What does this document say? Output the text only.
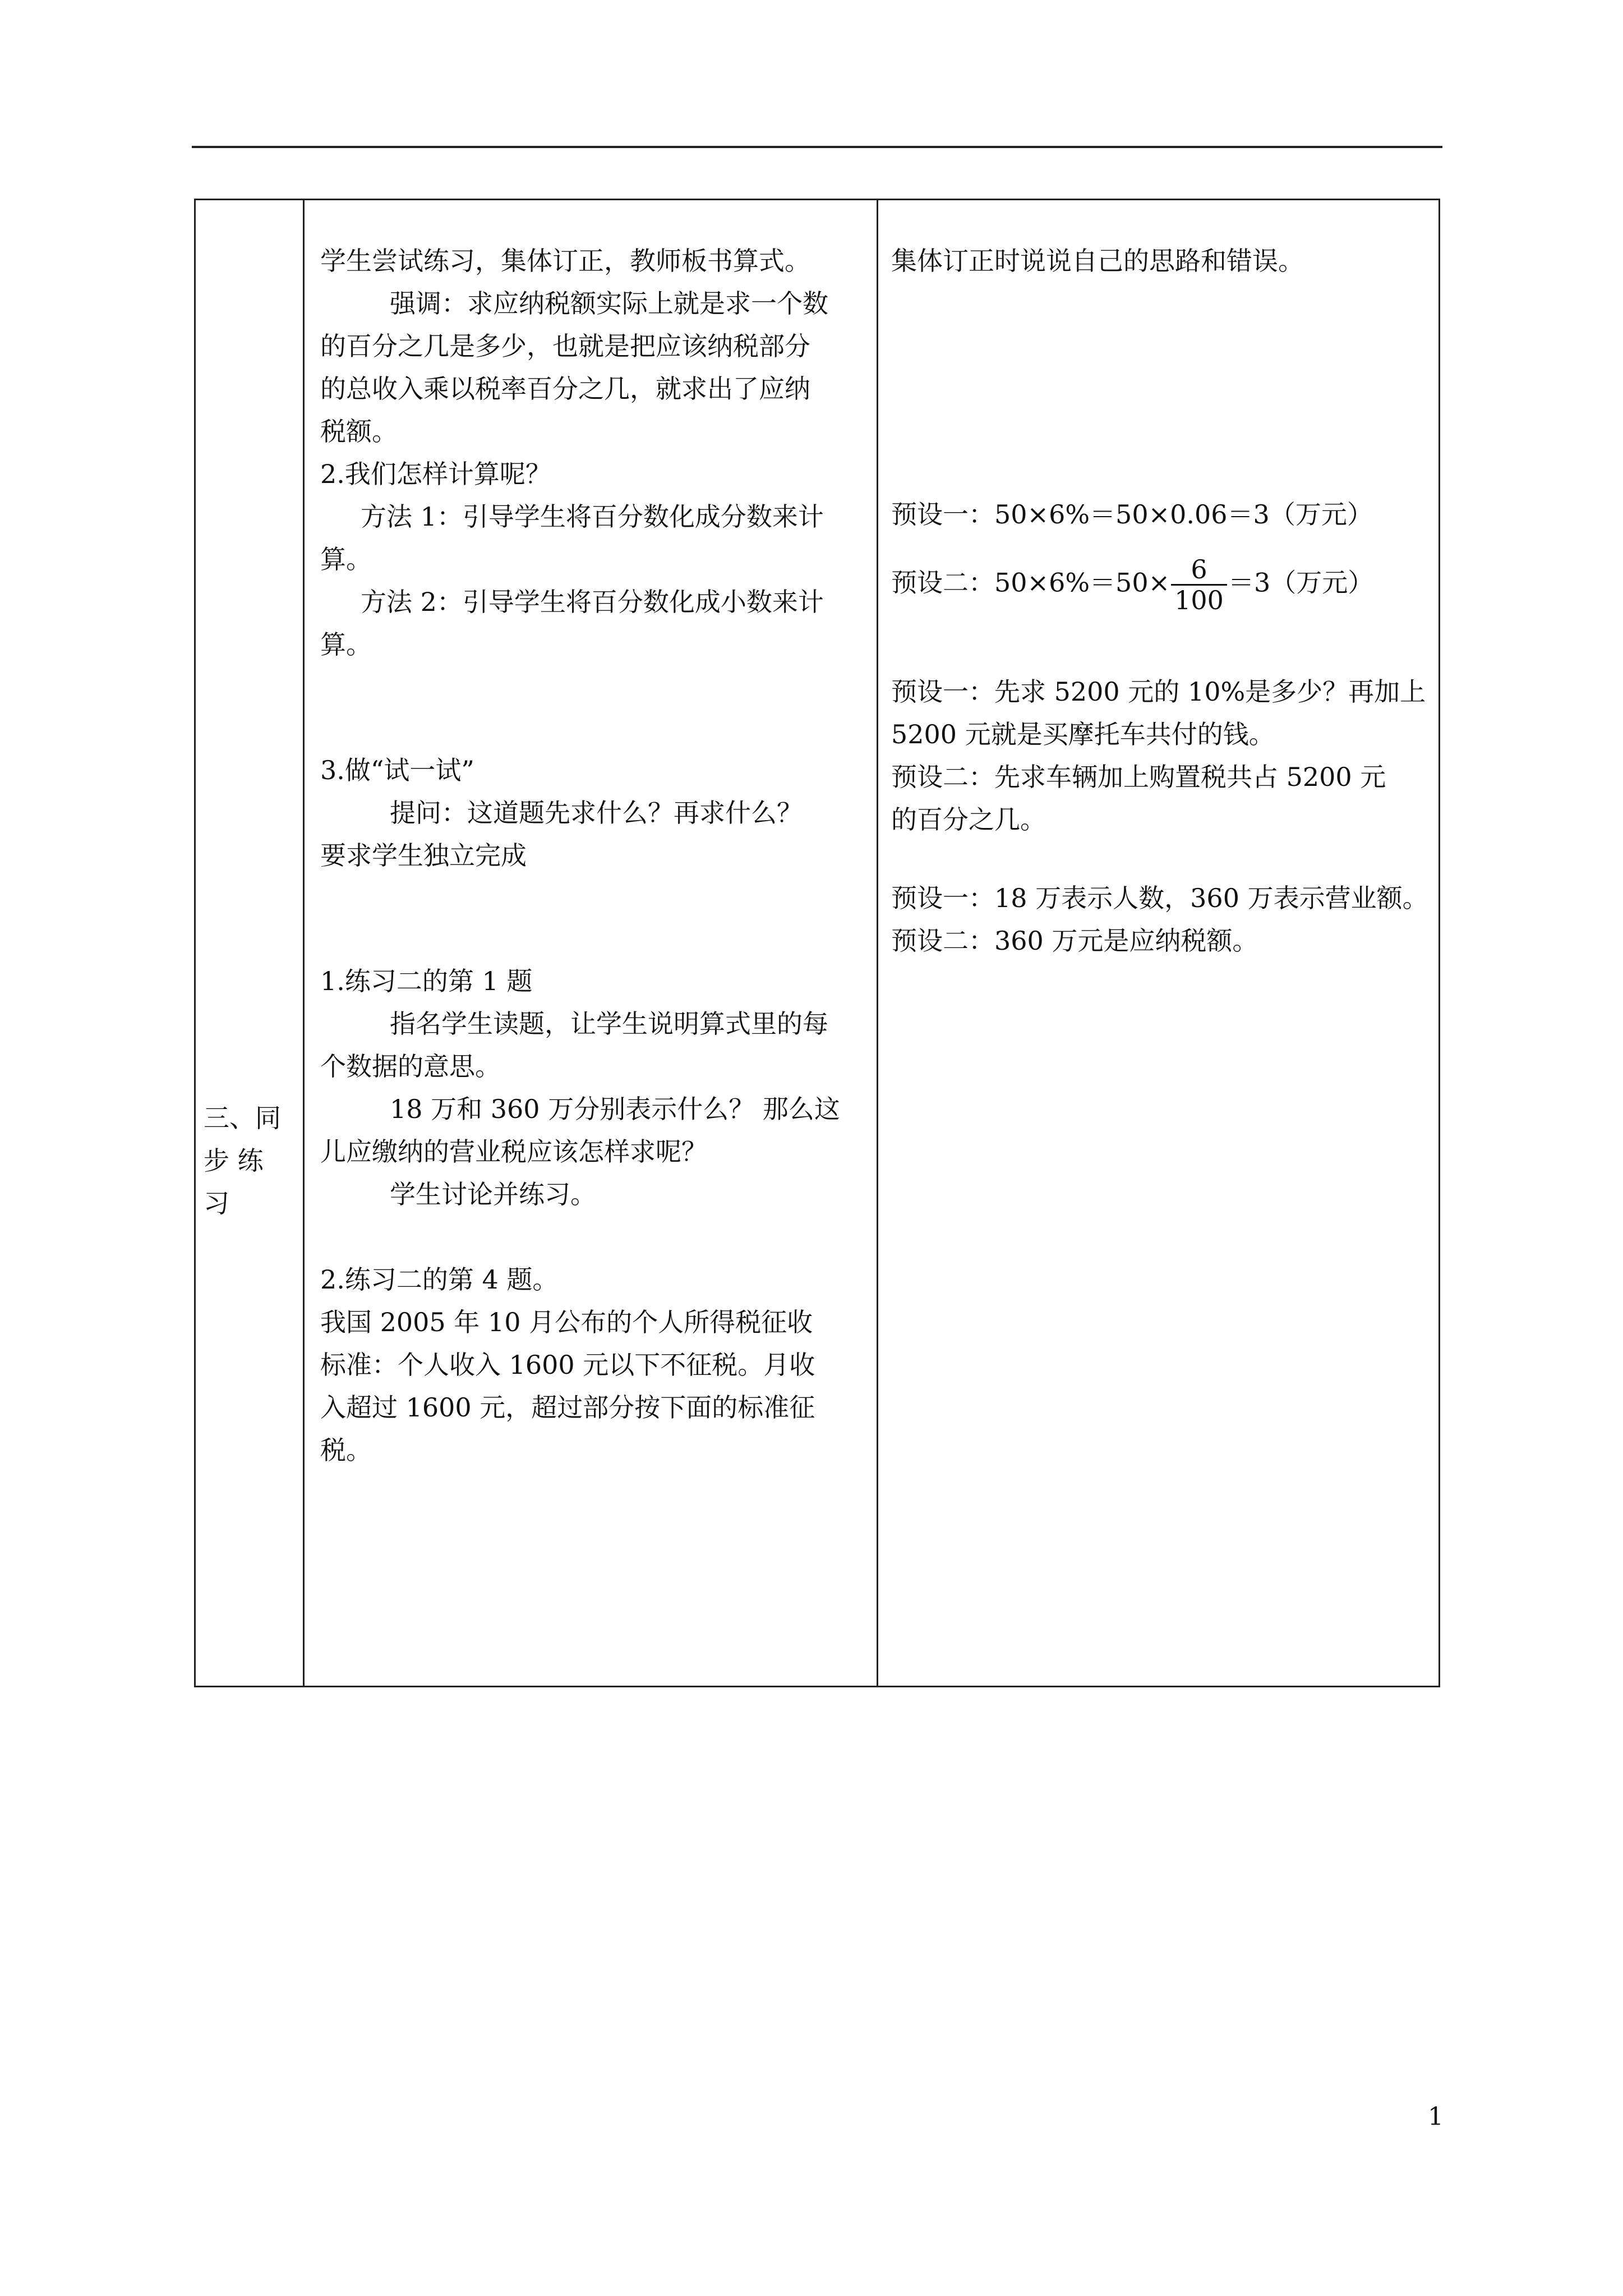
三、同
步 练
习
学生尝试练习，集体订正，教师板书算式。
强调：求应纳税额实际上就是求一个数
的百分之几是多少，也就是把应该纳税部分
的总收入乘以税率百分之几，就求出了应纳
税额。
2.我们怎样计算呢？
方法 1：引导学生将百分数化成分数来计
算。
方法 2：引导学生将百分数化成小数来计
算。
3.做“试一试”
提问：这道题先求什么？再求什么？
要求学生独立完成
1.练习二的第 1 题
指名学生读题，让学生说明算式里的每
个数据的意思。
18 万和 360 万分别表示什么？ 那么这
儿应缴纳的营业税应该怎样求呢？
学生讨论并练习。
2.练习二的第 4 题。
我国 2005 年 10 月公布的个人所得税征收
标准：个人收入 1600 元以下不征税。月收
入超过 1600 元，超过部分按下面的标准征
税。
集体订正时说说自己的思路和错误。
预设一：50×6%＝50×0.06＝3（万元）
预设二：$50\times 6\%=50\times \frac{6}{100} =3$（万元）
预设一：先求 5200 元的 10%是多少？再加上
5200 元就是买摩托车共付的钱。
预设二：先求车辆加上购置税共占 5200 元
的百分之几。
预设一：18 万表示人数，360 万表示营业额。
预设二：360 万元是应纳税额。
1
